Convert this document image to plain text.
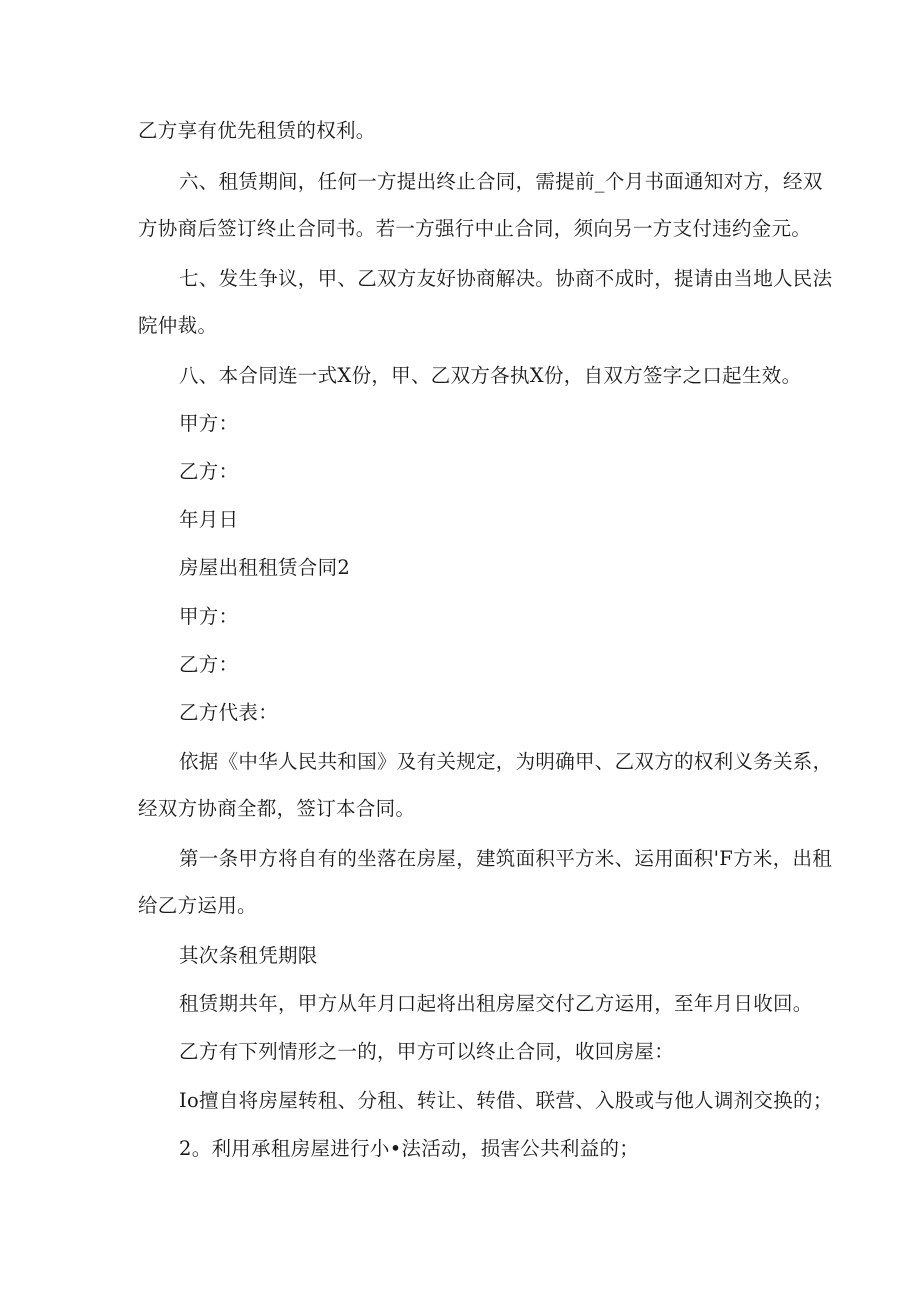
乙方享有优先租赁的权利。
六、租赁期间，任何一方提出终止合同，需提前_个月书面通知对方，经双
方协商后签订终止合同书。若一方强行中止合同，须向另一方支付违约金元。
七、发生争议，甲、乙双方友好协商解决。协商不成时，提请由当地人民法
院仲裁。
八、本合同连一式X份，甲、乙双方各执X份，自双方签字之口起生效。
甲方：
乙方：
年月日
房屋出租租赁合同2
甲方：
乙方：
乙方代表：
依据《中华人民共和国》及有关规定，为明确甲、乙双方的权利义务关系，
经双方协商全都，签订本合同。
第一条甲方将自有的坐落在房屋，建筑面积平方米、运用面积'F方米，出租
给乙方运用。
其次条租凭期限
租赁期共年，甲方从年月口起将出租房屋交付乙方运用，至年月日收回。
乙方有下列情形之一的，甲方可以终止合同，收回房屋：
Io擅自将房屋转租、分租、转让、转借、联营、入股或与他人调剂交换的；
2。利用承租房屋进行小•法活动，损害公共利益的；
